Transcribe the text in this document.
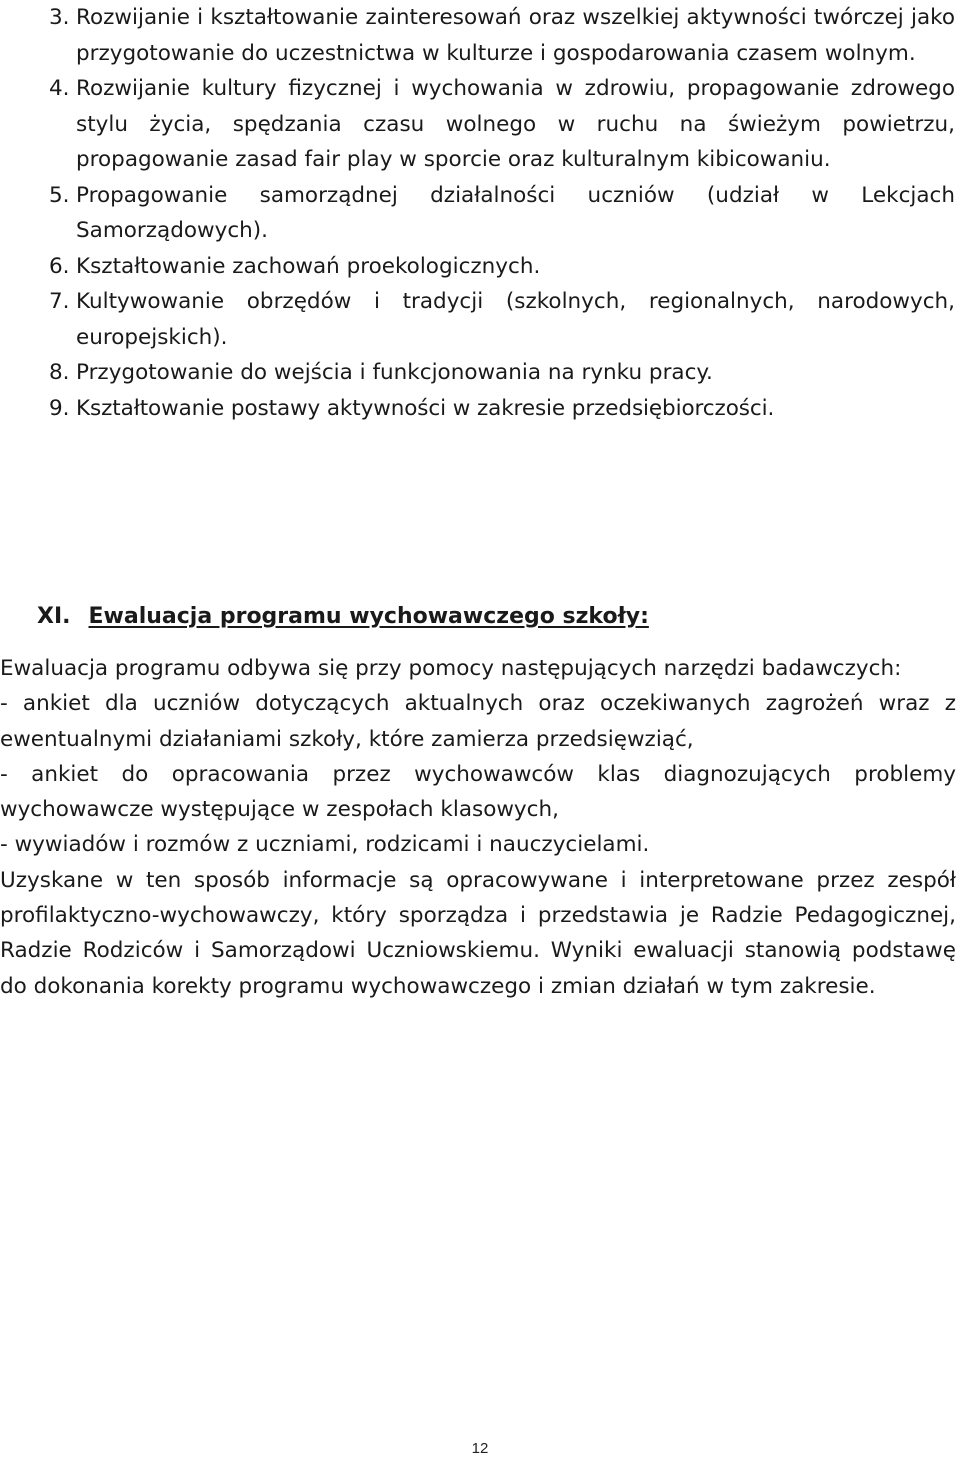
3. Rozwijanie i kształtowanie zainteresowań oraz wszelkiej aktywności twórczej jako przygotowanie do uczestnictwa w kulturze i gospodarowania czasem wolnym.
4. Rozwijanie kultury fizycznej i wychowania w zdrowiu, propagowanie zdrowego stylu życia, spędzania czasu wolnego w ruchu na świeżym powietrzu, propagowanie zasad fair play w sporcie oraz kulturalnym kibicowaniu.
5. Propagowanie samorządnej działalności uczniów (udział w Lekcjach Samorządowych).
6. Kształtowanie zachowań proekologicznych.
7. Kultywowanie obrzędów i tradycji (szkolnych, regionalnych, narodowych, europejskich).
8. Przygotowanie do wejścia i funkcjonowania na rynku pracy.
9. Kształtowanie postawy aktywności w zakresie przedsiębiorczości.
XI. Ewaluacja programu wychowawczego szkoły:

Ewaluacja programu odbywa się przy pomocy następujących narzędzi badawczych:

- ankiet dla uczniów dotyczących aktualnych oraz oczekiwanych zagrożeń wraz z ewentualnymi działaniami szkoły, które zamierza przedsięwziąć,

- ankiet do opracowania przez wychowawców klas diagnozujących problemy wychowawcze występujące w zespołach klasowych,

- wywiadów i rozmów z uczniami, rodzicami i nauczycielami.

Uzyskane w ten sposób informacje są opracowywane i interpretowane przez zespół profilaktyczno-wychowawczy, który sporządza i przedstawia je Radzie Pedagogicznej, Radzie Rodziców i Samorządowi Uczniowskiemu. Wyniki ewaluacji stanowią podstawę do dokonania korekty programu wychowawczego i zmian działań w tym zakresie.

12
